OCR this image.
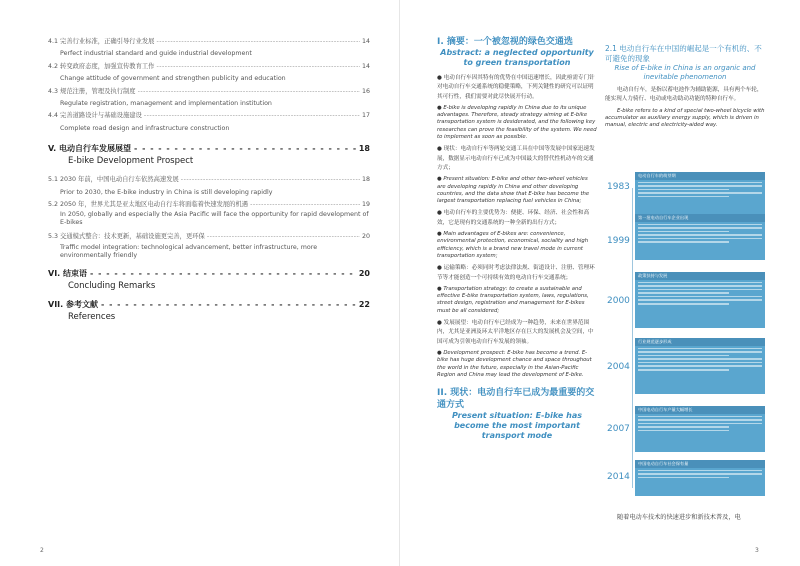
4.1 完善行业标准，正确引导行业发展 -----	14
Perfect industrial standard and guide industrial development
4.2 转变政府态度，加强宣传教育工作 -----	14
Change attitude of government and strengthen publicity and education
4.3 规范注册，管理及执行制度 -----	16
Regulate registration, management and implementation institution
4.4 完善道路设计与基础设施建设 -----	17
Complete road design and infrastructure construction
V. 电动自行车发展展望 - - -	18
E-bike Development Prospect
5.1 2030 年前，中国电动自行车依然高速发展 -----	18
Prior to 2030, the E-bike industry in China is still developing rapidly
5.2 2050 年，世界尤其是亚太地区电动自行车将面临着快速发展的机遇 -----	19
In 2050, globally and especially the Asia Pacific will face the opportunity for rapid development of E-bikes
5.3 交通模式整合：技术更新，基础设施更完善，更环保 -----	20
Traffic model integration: technological advancement, better infrastructure, more environmentally friendly
VI. 结束语 - - -	20
Concluding Remarks
VII. 参考文献 - - -	22
References
2
I. 摘要：一个被忽视的绿色交通选
Abstract: a neglected opportunity to green transportation
● 电动自行车因其特有的优势在中国迅速增长，因此亟需专门针对电动自行车交通系统的稳健策略，下列关键性的研究可以证明其可行性，我们需要对此尽快展开行动。
● E-bike is developing rapidly in China due to its unique advantages. Therefore, steady strategy aiming at E-bike transportation system is desiderated, and the following key researches can prove the feasibility of the system. We need to implement as soon as possible.
● 现状：电动自行车等两轮交通工具在中国等发展中国家迅速发展，数据显示电动自行车已成为中国最大的替代性机动车的交通方式；
● Present situation: E-bike and other two-wheel vehicles are developing rapidly in China and other developing countries, and the data show that E-bike has become the largest transportation replacing fuel vehicles in China;
● 电动自行车的主要优势为：便捷、环保、经济、社会性和高效，它是现有的交通系统的一种全新的出行方式；
● Main advantages of E-bikes are: convenience, environmental protection, economical, sociality and high efficiency, which is a brand new travel mode in current transportation system;
● 运输策略：必须同时考虑法律法规、街道设计、注册、管理环节等才能创造一个可持续有效的电动自行车交通系统；
● Transportation strategy: to create a sustainable and effective E-bike transportation system, laws, regulations, street design, registration and management for E-bikes must be all considered;
● 发展展望：电动自行车已经成为一种趋势，未来在世界范围内，尤其是亚洲及环太平洋地区存在巨大的发展机会及空间，中国可成为引领电动自行车发展的领袖。
● Development prospect: E-bike has become a trend. E-bike has huge development chance and space throughout the world in the future, especially in the Asian-Pacific Region and China may lead the development of E-bike.
II. 现状：电动自行车已成为最重要的交通方式
Present situation: E-bike has become the most important transport mode
2.1 电动自行车在中国的崛起是一个有机的、不可避免的现象
Rise of E-bike in China is an organic and inevitable phenomenon
电动自行车，是指以蓄电池作为辅助能源，具有两个车轮，能实现人力骑行、电动或电动助动功能的特种自行车。
E-bike refers to a kind of special two-wheel bicycle with accumulator as auxiliary energy supply, which is driven in manual, electric and electricity-aided way.
1983
电动自行车的萌芽期
1999
第一批电动自行车企业出现
2000
政策扶持与发展
2004
行业规范逐步形成
2007
中国电动自行车产量大幅增长
2014
中国电动自行车社会保有量
随着电动车技术的快速进步和新技术普及，电
3
